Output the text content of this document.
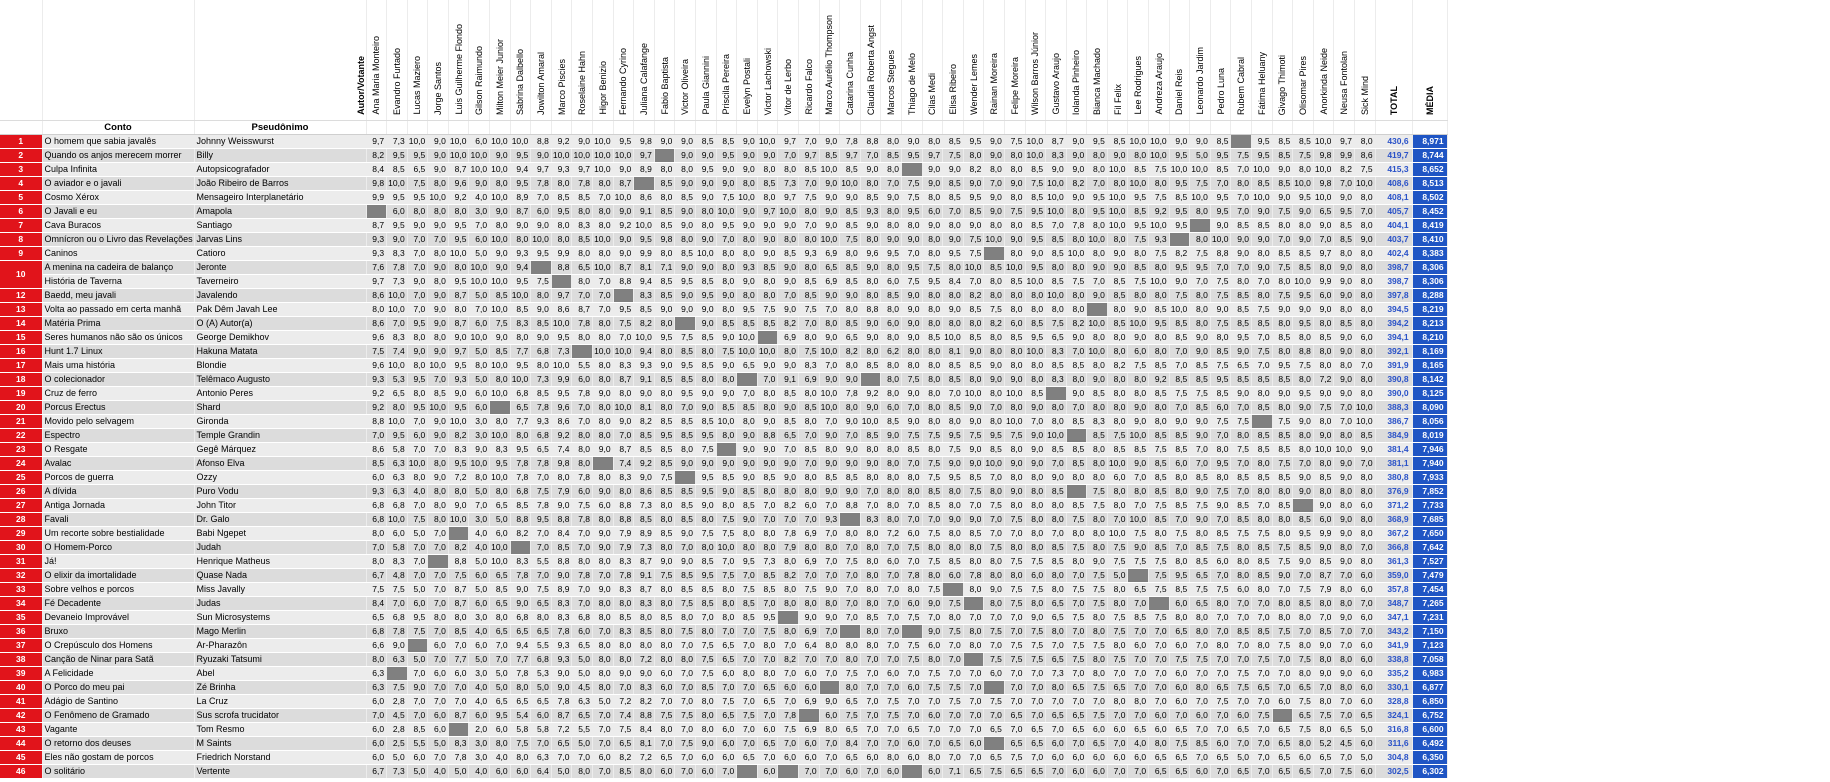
		Autor/Votante	Ana Maria Monteiro	Evandro Furtado	Lucas Maziero	Jorge Santos	Luis Guilherme Flondo	Gilson Raimundo	Milton Meier Junior	Sabrina Dalbello	Jowilton Amaral	Marco Piscies	Roselaine Hahn	Higor Benizio	Fernando Cyrino	Juliana Calafange	Fabio Baptista	Victor Oliveira	Paula Giannini	Priscila Pereira	Evelyn Postali	Victor Lachowski	Vitor de Lerbo	Ricardo Falco	Marco Aurélio Thompson	Catarina Cunha	Claudia Roberta Angst	Marcos Stegues	Thiago de Melo	Cilas Medi	Elisa Ribeiro	Wender Lemes	Rainan Moreira	Felipe Moreira	Wilson Barros Júnior	Gustavo Araujo	Iolanda Pinheiro	Bianca Machado	Fil Felix	Lee Rodrigues	Andreza Araujo	Daniel Reis	Leonardo Jardim	Pedro Luna	Rubem Cabral	Fátima Heluany	Givago Thimoti	Olisomar Pires	Anorkinda Neide	Neusa Fontolan	Sick Mind	TOTAL	MÉDIA
	Conto	Pseudônimo																																																			
1	O homem que sabia javalês	Johnny Weisswurst	9,7	7,3	10,0	9,0	10,0	6,0	10,0	10,0	8,8	9,2	9,0	10,0	9,5	9,8	9,0	9,0	8,5	8,5	9,0	10,0	9,7	7,0	9,0	7,8	8,8	8,0	9,0	8,0	8,5	9,5	9,0	7,5	10,0	8,7	9,0	9,5	8,5	10,0	10,0	9,0	9,0	8,5		9,5	8,5	8,5	10,0	9,7	8,0	430,6	8,971
2	Quando os anjos merecem morrer	Billy	8,2	9,5	9,5	9,0	10,0	10,0	9,0	9,5	9,0	10,0	10,0	10,0	10,0	9,7		9,0	9,0	9,5	9,0	9,0	7,0	9,7	8,5	9,7	7,0	8,5	9,5	9,7	7,5	8,0	9,0	8,0	10,0	8,3	9,0	8,0	9,0	8,0	10,0	9,5	5,0	9,5	7,5	9,5	8,5	7,5	9,8	9,9	8,6	419,7	8,744
3	Culpa Infinita	Autopsicografador	8,4	8,5	6,5	9,0	8,7	10,0	10,0	9,4	9,7	9,3	9,7	10,0	9,0	8,9	8,0	8,0	9,5	9,0	9,0	8,0	8,0	8,5	10,0	8,5	9,0	8,0		9,0	9,0	8,2	8,0	8,0	8,5	9,0	9,0	8,0	10,0	8,5	7,5	10,0	10,0	8,5	7,0	10,0	9,0	8,0	10,0	8,2	7,5	415,3	8,652
4	O aviador e o javali	João Ribeiro de Barros	9,8	10,0	7,5	8,0	9,6	9,0	8,0	9,5	7,8	8,0	7,8	8,0	8,7		8,5	9,0	9,0	9,0	8,0	8,5	7,3	7,0	9,0	10,0	8,0	7,0	7,5	9,0	8,5	9,0	7,0	9,0	7,5	10,0	8,2	7,0	8,0	10,0	8,0	9,5	7,5	7,0	8,0	8,5	8,5	10,0	9,8	7,0	10,0	408,6	8,513
5	Cosmo Xérox	Mensageiro Interplanetário	9,9	9,5	9,5	10,0	9,2	4,0	10,0	8,9	7,0	8,5	8,5	7,0	10,0	8,6	8,0	8,5	9,0	7,5	10,0	8,0	9,7	7,5	9,0	9,0	8,5	9,0	7,5	8,0	8,5	9,5	9,0	8,0	8,5	10,0	9,0	9,5	10,0	9,5	7,5	8,5	10,0	9,5	7,0	10,0	9,0	9,5	10,0	9,0	8,0	408,1	8,502
6	O Javali e eu	Amapola		6,0	8,0	8,0	8,0	3,0	9,0	8,7	6,0	9,5	8,0	8,0	9,0	9,1	8,5	9,0	8,0	10,0	9,0	9,7	10,0	8,0	9,0	8,5	9,3	8,0	9,5	6,0	7,0	8,5	9,0	7,5	9,5	10,0	8,0	9,5	10,0	8,5	9,2	9,5	8,0	9,5	7,0	9,0	7,5	9,0	6,5	9,5	7,0	405,7	8,452
7	Cava Buracos	Santiago	8,7	9,5	9,0	9,0	9,5	7,0	8,0	9,0	9,0	8,0	8,3	8,0	9,2	10,0	8,5	9,0	8,0	9,5	9,0	9,0	9,0	7,0	9,0	8,5	9,0	8,0	8,0	9,0	8,0	9,0	8,0	8,0	8,5	7,0	7,8	8,0	10,0	9,5	10,0	9,5		9,0	8,5	8,5	8,0	8,0	9,0	8,5	8,0	404,1	8,419
8	Omnícron ou o Livro das Revelações	Jarvas Lins	9,3	9,0	7,0	7,0	9,5	6,0	10,0	8,0	10,0	8,0	8,5	10,0	9,0	9,5	9,8	8,0	9,0	7,0	8,0	9,0	8,0	8,0	10,0	7,5	8,0	9,0	9,0	8,0	9,0	7,5	10,0	9,0	9,5	8,5	8,0	10,0	8,0	7,5	9,3		8,0	10,0	9,0	9,0	7,0	9,0	7,0	8,5	9,0	403,7	8,410
9	Caninos	Catioro	9,3	8,3	7,0	8,0	10,0	5,0	9,0	9,3	9,5	9,9	8,0	8,0	9,0	9,9	8,0	8,5	10,0	8,0	8,0	9,0	8,5	9,3	6,9	8,0	9,6	9,5	7,0	8,0	9,5	7,5		8,0	9,0	8,5	10,0	8,0	9,0	8,0	7,5	8,2	7,5	8,8	9,0	8,0	8,5	8,5	9,7	8,0	8,0	402,4	8,383
10	A menina na cadeira de balanço	Jeronte	7,6	7,8	7,0	9,0	8,0	10,0	9,0	9,4		8,8	6,5	10,0	8,7	8,1	7,1	9,0	9,0	8,0	9,3	8,5	9,0	8,0	6,5	8,5	9,0	8,0	9,5	7,5	8,0	10,0	8,5	10,0	9,5	8,0	8,0	9,0	9,0	8,5	8,0	9,5	9,5	7,0	7,0	9,0	7,5	8,5	8,0	9,0	8,0	398,7	8,306
	História de Taverna	Taverneiro	9,7	7,3	9,0	8,0	9,5	10,0	10,0	9,5	7,5		8,0	7,0	8,8	9,4	8,5	9,5	8,5	8,0	9,0	8,0	9,0	8,5	6,9	8,5	8,0	6,0	7,5	9,5	8,4	7,0	8,0	8,5	10,0	8,5	7,5	7,0	8,5	7,5	10,0	9,0	7,0	7,5	8,0	7,0	8,0	10,0	9,9	9,0	8,0	398,7	8,306
12	Baedd, meu javali	Javalendo	8,6	10,0	7,0	9,0	8,7	5,0	8,5	10,0	8,0	9,7	7,0	7,0		8,3	8,5	9,0	9,5	9,0	8,0	8,0	7,0	8,5	9,0	9,0	8,0	8,5	9,0	8,0	8,0	8,2	8,0	8,0	8,0	10,0	8,0	9,0	8,5	8,0	8,0	7,5	8,0	7,5	8,5	8,0	7,5	9,5	6,0	9,0	8,0	397,8	8,288
13	Volta ao passado em certa manhã	Pak Dêm Javah Lee	8,0	10,0	7,0	9,0	8,0	7,0	10,0	8,5	9,0	8,6	8,7	7,0	9,5	8,5	9,0	9,0	9,0	8,0	9,5	7,5	9,0	7,5	7,0	8,0	8,8	8,0	9,0	8,0	9,0	8,5	7,5	8,0	8,0	8,0	8,0		8,0	9,0	8,5	10,0	8,0	9,0	8,5	7,5	9,0	9,0	9,0	8,0	8,0	394,5	8,219
14	Matéria Prima	O (A) Autor(a)	8,6	7,0	9,5	9,0	8,7	6,0	7,5	8,3	8,5	10,0	7,8	8,0	7,5	8,2	8,0		9,0	8,5	8,5	8,5	8,2	7,0	8,0	8,5	9,0	6,0	9,0	8,0	8,0	8,0	8,2	6,0	8,5	7,5	8,2	10,0	8,5	10,0	9,5	8,5	8,0	7,5	8,5	8,5	8,0	9,5	8,0	8,5	8,0	394,2	8,213
15	Seres humanos não são os únicos	George Demikhov	9,6	8,3	8,0	8,0	9,0	10,0	9,0	8,0	9,0	9,5	8,0	8,0	7,0	10,0	9,5	7,5	8,5	9,0	10,0		6,9	8,0	9,0	6,5	9,0	8,0	9,0	8,5	10,0	8,5	8,0	8,5	9,5	6,5	9,0	8,0	8,0	9,0	8,0	8,5	9,0	8,0	9,5	7,0	8,5	8,0	8,5	9,0	6,0	394,1	8,210
16	Hunt 1.7 Linux	Hakuna Matata	7,5	7,4	9,0	9,0	9,7	5,0	8,5	7,7	6,8	7,3		10,0	10,0	9,4	8,0	8,5	8,0	7,5	10,0	10,0	8,0	7,5	10,0	8,2	8,0	6,2	8,0	8,0	8,1	9,0	8,0	8,0	10,0	8,3	7,0	10,0	8,0	6,0	8,0	7,0	9,0	8,5	9,0	7,5	8,0	8,8	8,0	9,0	8,0	392,1	8,169
17	Mais uma história	Blondie	9,6	10,0	8,0	10,0	9,5	8,0	10,0	9,5	8,0	10,0	5,5	8,0	8,3	9,3	9,0	9,5	8,5	9,0	6,5	9,0	9,0	8,3	7,0	8,0	8,5	8,0	8,0	8,0	8,5	8,5	9,0	8,0	8,0	8,5	8,5	8,0	8,2	7,5	8,5	7,0	8,5	7,5	6,5	7,0	9,5	7,5	8,0	8,0	7,0	391,9	8,165
18	O colecionador	Telêmaco Augusto	9,3	5,3	9,5	7,0	9,3	5,0	8,0	10,0	7,3	9,9	6,0	8,0	8,7	9,1	8,5	8,5	8,0	8,0		7,0	9,1	6,9	9,0	9,0		8,0	7,5	8,0	8,5	8,0	9,0	9,0	8,0	8,3	8,0	9,0	8,0	8,0	9,2	8,5	8,5	9,5	8,5	8,5	8,5	8,0	7,2	9,0	8,0	390,8	8,142
19	Cruz de ferro	Antonio Peres	9,2	6,5	8,0	8,5	9,0	6,0	10,0	6,8	8,5	9,5	7,8	9,0	8,0	9,0	8,0	9,5	9,0	9,0	7,0	8,0	8,5	8,0	10,0	7,8	9,2	8,0	9,0	8,0	7,0	10,0	8,0	10,0	8,5		9,0	8,5	8,0	8,0	8,5	7,5	7,5	8,5	9,0	8,0	9,0	9,5	9,0	9,0	8,0	390,0	8,125
20	Porcus Erectus	Shard	9,2	8,0	9,5	10,0	9,5	6,0		6,5	7,8	9,6	7,0	8,0	10,0	8,1	8,0	7,0	9,0	8,5	8,5	8,0	9,0	8,5	10,0	8,0	9,0	6,0	7,0	8,0	8,5	9,0	7,0	8,0	9,0	8,0	7,0	8,0	8,0	9,0	8,0	7,0	8,5	6,0	7,0	8,5	8,0	9,0	7,5	7,0	10,0	388,3	8,090
21	Movido pelo selvagem	Gironda	8,8	10,0	7,0	9,0	10,0	3,0	8,0	7,7	9,3	8,6	7,0	8,0	9,0	8,2	8,5	8,5	8,5	10,0	8,0	9,0	8,5	8,0	7,0	9,0	10,0	8,5	9,0	8,0	8,0	9,0	8,0	10,0	7,0	8,0	8,5	8,3	8,0	9,0	8,0	9,0	9,0	7,5	7,5		7,5	9,0	8,0	7,0	10,0	386,7	8,056
22	Espectro	Temple Grandin	7,0	9,5	6,0	9,0	8,2	3,0	10,0	8,0	6,8	9,2	8,0	8,0	7,0	8,5	9,5	8,5	9,5	8,0	9,0	8,8	6,5	7,0	9,0	7,0	8,5	9,0	7,5	7,5	9,5	7,5	9,5	7,5	9,0	10,0		8,5	7,5	10,0	8,5	8,5	9,0	7,0	8,0	8,5	8,5	8,0	9,0	8,0	8,5	384,9	8,019
23	O Resgate	Gegê Márquez	8,6	5,8	7,0	7,0	8,3	9,0	8,3	9,5	6,5	7,4	8,0	9,0	8,7	8,5	8,5	8,0	7,5		9,0	9,0	7,0	8,5	8,0	9,0	8,0	8,0	8,5	8,0	7,5	9,0	8,5	8,0	9,0	8,5	8,5	8,0	8,5	8,5	7,5	8,5	7,0	8,0	7,5	8,5	8,5	8,0	10,0	10,0	9,0	381,4	7,946
24	Avalac	Afonso Elva	8,5	6,3	10,0	8,0	9,5	10,0	9,5	7,8	7,8	9,8	8,0		7,4	9,2	8,5	9,0	9,0	9,0	9,0	9,0	9,0	7,0	9,0	9,0	9,0	8,0	7,0	7,5	9,0	9,0	10,0	9,0	9,0	7,0	8,5	8,0	10,0	9,0	8,5	6,0	7,0	9,5	7,0	8,0	7,5	7,0	8,0	9,0	7,0	381,1	7,940
25	Porcos de guerra	Ozzy	6,0	6,3	8,0	9,0	7,2	8,0	10,0	7,8	7,0	8,0	7,8	8,0	8,3	9,0	7,5		9,5	8,5	9,0	8,5	9,0	8,0	8,5	8,5	8,0	8,0	8,0	7,5	9,5	8,5	7,0	8,0	8,0	9,0	8,0	8,0	6,0	7,0	8,5	8,0	8,5	8,0	8,5	8,5	8,5	9,0	8,5	9,0	8,0	380,8	7,933
26	A dívida	Puro Vodu	9,3	6,3	4,0	8,0	8,0	5,0	8,0	6,8	7,5	7,9	6,0	9,0	8,0	8,6	8,5	8,5	9,5	9,0	8,5	8,0	8,0	8,0	9,0	9,0	7,0	8,0	8,0	8,5	8,0	7,5	8,0	9,0	8,0	8,5		7,5	8,0	8,0	8,5	8,0	9,0	7,5	7,0	8,0	8,0	9,0	8,0	8,0	8,0	376,9	7,852
27	Antiga Jornada	John Titor	6,8	6,8	7,0	8,0	9,0	7,0	6,5	8,5	7,8	9,0	7,5	6,0	8,8	7,3	8,0	8,5	9,0	8,0	8,5	7,0	8,2	6,0	7,0	8,8	7,0	8,0	7,0	8,5	8,0	7,0	7,5	8,0	8,0	8,0	8,5	7,5	8,0	7,0	7,5	8,5	7,5	9,0	8,5	7,0	8,5		9,0	8,0	6,0	371,2	7,733
28	Favali	Dr. Galo	6,8	10,0	7,5	8,0	10,0	3,0	5,0	8,8	9,5	8,8	7,8	8,0	8,8	8,5	8,0	8,5	8,0	7,5	9,0	7,0	7,0	7,0	9,3		8,3	8,0	7,0	7,0	9,0	9,0	7,0	7,5	8,0	8,0	7,5	8,0	7,0	10,0	8,5	7,0	9,0	7,0	8,5	8,0	8,0	8,5	6,0	9,0	8,0	368,9	7,685
29	Um recorte sobre bestialidade	Babi Ngepet	8,0	6,0	5,0	7,0		4,0	6,0	8,2	7,0	8,4	7,0	9,0	7,9	8,9	8,5	9,0	7,5	7,5	8,0	8,0	7,8	6,9	7,0	8,0	8,0	7,2	6,0	7,5	8,0	8,5	7,0	7,0	8,0	7,0	8,0	8,0	10,0	7,5	8,0	7,5	8,0	8,5	7,5	7,5	8,0	9,5	9,9	9,0	8,0	367,2	7,650
30	O Homem-Porco	Judah	7,0	5,8	7,0	7,0	8,2	4,0	10,0		7,0	8,5	7,0	9,0	7,9	7,3	8,0	7,0	8,0	10,0	8,0	8,0	7,9	8,0	8,0	7,0	8,0	7,0	7,5	8,0	8,0	8,0	7,5	8,0	8,0	8,5	7,5	8,0	7,5	9,0	8,5	7,0	8,5	7,5	8,0	8,5	7,5	8,5	9,0	8,0	7,0	366,8	7,642
31	Já!	Henrique Matheus	8,0	8,3	7,0		8,8	5,0	10,0	8,3	5,5	8,8	8,0	8,0	8,3	8,7	9,0	9,0	8,5	7,0	9,5	7,3	8,0	6,9	7,0	7,5	8,0	6,0	7,0	7,5	8,5	8,0	8,0	7,5	7,5	8,5	8,0	9,0	7,5	7,5	7,5	8,0	8,5	6,0	8,0	8,5	7,5	9,0	8,5	9,0	8,0	361,3	7,527
32	O elixir da imortalidade	Quase Nada	6,7	4,8	7,0	7,0	7,5	6,0	6,5	7,8	7,0	9,0	7,8	7,0	7,8	9,1	7,5	8,5	9,5	7,5	7,0	8,5	8,2	7,0	7,0	7,0	8,0	7,0	7,8	8,0	6,0	7,8	8,0	8,0	6,0	8,0	7,0	7,5	5,0		7,5	9,5	6,5	7,0	8,0	8,5	9,0	7,0	8,7	7,0	6,0	359,0	7,479
33	Sobre velhos e porcos	Miss Javally	7,5	7,5	5,0	7,0	8,7	5,0	8,5	9,0	7,5	8,9	7,0	9,0	8,3	8,7	8,0	8,5	8,5	8,0	7,5	8,5	8,0	7,5	9,0	7,0	8,0	7,0	8,0	7,5		8,0	9,0	7,5	7,5	8,0	7,5	7,5	8,0	6,5	7,5	8,5	7,5	7,5	6,0	8,0	7,0	7,5	7,9	8,0	6,0	357,8	7,454
34	Fé Decadente	Judas	8,4	7,0	6,0	7,0	8,7	6,0	6,5	9,0	6,5	8,3	7,0	8,0	8,0	8,3	8,0	7,5	8,5	8,0	8,5	7,0	8,0	8,0	8,0	7,0	8,0	7,0	6,0	9,0	7,5		8,0	7,5	8,0	6,5	7,0	7,5	8,0	7,0		6,0	6,5	8,0	7,0	7,0	8,0	8,5	8,0	8,0	7,0	348,7	7,265
35	Devaneio Improvável	Sun Microsystems	6,5	6,8	9,5	8,0	8,0	3,0	8,0	6,8	8,0	8,3	6,8	8,0	8,5	8,0	8,5	8,0	7,0	8,0	8,5	9,5		9,0	9,0	7,0	8,5	7,0	7,5	7,0	8,0	7,0	7,0	7,0	9,0	6,5	7,5	8,0	7,5	8,5	7,5	8,0	8,0	7,0	7,0	7,0	8,0	8,0	7,0	9,0	6,0	347,1	7,231
36	Bruxo	Mago Merlin	6,8	7,8	7,5	7,0	8,5	4,0	6,5	6,5	6,5	7,8	6,0	7,0	8,3	8,5	8,0	7,5	8,0	7,0	7,0	7,5	8,0	6,9	7,0		8,0	7,0		9,0	7,5	8,0	7,5	7,0	7,5	8,0	7,0	8,0	7,5	7,0	7,0	6,5	8,0	7,0	8,5	8,5	7,5	7,0	8,5	7,0	7,0	343,2	7,150
37	O Crepúsculo dos Homens	Ar-Pharazôn	6,6	9,0		6,0	7,0	6,0	7,0	9,4	5,5	9,3	6,5	8,0	8,0	8,0	8,0	7,0	7,5	6,5	7,0	8,0	7,0	6,4	8,0	8,0	8,0	7,0	7,5	6,0	7,0	8,0	7,0	7,5	7,5	7,0	7,5	7,5	8,0	6,0	7,0	6,0	7,0	8,0	7,0	8,0	7,5	8,0	9,0	7,0	6,0	341,9	7,123
38	Canção de Ninar para Satã	Ryuzaki Tatsumi	8,0	6,3	5,0	7,0	7,7	5,0	7,0	7,7	6,8	9,3	5,0	8,0	8,0	7,2	8,0	8,0	7,5	6,5	7,0	7,0	8,2	7,0	7,0	8,0	7,0	7,0	7,5	8,0	7,0		7,5	7,5	7,5	6,5	7,5	8,0	7,5	7,0	7,0	7,5	7,5	7,0	7,0	7,5	7,0	7,5	8,0	8,0	6,0	338,8	7,058
39	A Felicidade	Abel	6,3		7,0	6,0	6,0	3,0	5,0	7,8	5,3	9,0	5,0	8,0	9,0	9,0	6,0	7,0	7,5	6,0	8,0	8,0	7,0	6,0	7,0	7,5	7,0	6,0	7,0	7,5	7,0	7,0	6,0	7,0	7,0	7,3	7,0	8,0	7,0	7,0	7,0	6,0	7,0	7,0	7,5	7,0	7,0	8,0	9,0	9,0	6,0	335,2	6,983
40	O Porco do meu pai	Zé Brinha	6,3	7,5	9,0	7,0	7,0	4,0	5,0	8,0	5,0	9,0	4,5	8,0	7,0	8,3	6,0	7,0	8,5	7,0	7,0	6,5	6,0	6,0		8,0	7,0	7,0	6,0	7,5	7,5	7,0		7,0	7,0	8,0	6,5	7,5	6,5	7,0	7,0	6,0	8,0	6,5	7,5	6,5	7,0	6,5	7,0	8,0	6,0	330,1	6,877
41	Adágio de Santino	La Cruz	6,0	2,8	7,0	7,0	7,0	4,0	6,5	6,5	6,5	7,8	6,3	5,0	7,2	8,2	7,0	7,0	8,0	7,5	7,0	6,5	7,0	6,9	9,0	6,5	7,0	7,5	7,0	7,0	7,5	7,0	7,5	7,0	7,0	7,0	7,0	7,0	8,0	8,0	7,0	6,0	7,0	7,5	7,0	7,0	6,0	7,5	8,0	7,0	6,0	328,8	6,850
42	O Fenômeno de Gramado	Sus scrofa trucidator	7,0	4,5	7,0	6,0	8,7	6,0	9,5	5,4	6,0	8,7	6,5	7,0	7,4	8,8	7,5	7,5	8,0	6,5	7,5	7,0	7,8		6,0	7,5	7,0	7,5	7,0	6,0	7,0	7,0	7,0	6,5	7,0	6,5	6,5	7,5	7,0	7,0	6,0	7,0	6,0	7,0	6,0	7,5		6,5	7,5	7,0	6,5	324,1	6,752
43	Vagante	Tom Resmo	6,0	2,8	8,5	6,0		2,0	6,0	5,8	5,8	7,2	5,5	7,0	7,5	8,4	8,0	7,0	8,0	6,0	7,0	6,0	7,5	6,9	8,0	6,5	7,0	7,0	6,5	7,0	7,0	7,0	6,5	7,0	6,5	7,0	6,5	6,0	6,0	6,5	6,0	6,5	7,0	7,0	6,5	7,0	6,5	7,5	8,0	6,5	5,0	316,8	6,600
44	O retorno dos deuses	M Saints	6,0	2,5	5,5	5,0	8,3	3,0	8,0	7,5	7,0	6,5	5,0	7,0	6,5	8,1	7,0	7,5	9,0	6,0	7,0	6,5	7,0	6,0	7,0	8,4	7,0	7,0	6,0	7,0	6,5	6,0		6,5	6,5	6,0	7,0	6,5	7,0	4,0	8,0	7,5	8,5	6,0	7,0	7,0	6,5	8,0	5,2	4,5	6,0	311,6	6,492
45	Eles não gostam de porcos	Friedrich Norstand	6,0	5,0	6,0	7,0	7,8	3,0	4,0	8,0	6,3	7,0	7,0	6,0	8,2	7,2	6,5	7,0	6,0	6,0	6,5	7,0	6,0	6,0	7,0	6,5	6,0	8,0	6,0	8,0	7,0	7,0	6,5	7,5	7,0	6,0	6,0	6,0	6,0	6,0	6,5	6,5	7,0	6,5	5,0	7,0	6,5	6,0	6,5	7,0	5,0	304,8	6,350
46	O solitário	Vertente	6,7	7,3	5,0	4,0	5,0	4,0	6,0	6,0	6,4	5,0	8,0	7,0	8,5	8,0	6,0	7,0	6,0	7,0		6,0		7,0	7,0	6,0	7,0	6,0		6,0	7,1	6,5	7,5	6,5	6,5	7,0	6,0	6,0	7,0	7,0	6,5	6,5	6,0	7,0	6,5	7,0	6,5	6,5	7,0	7,5	6,0	302,5	6,302
